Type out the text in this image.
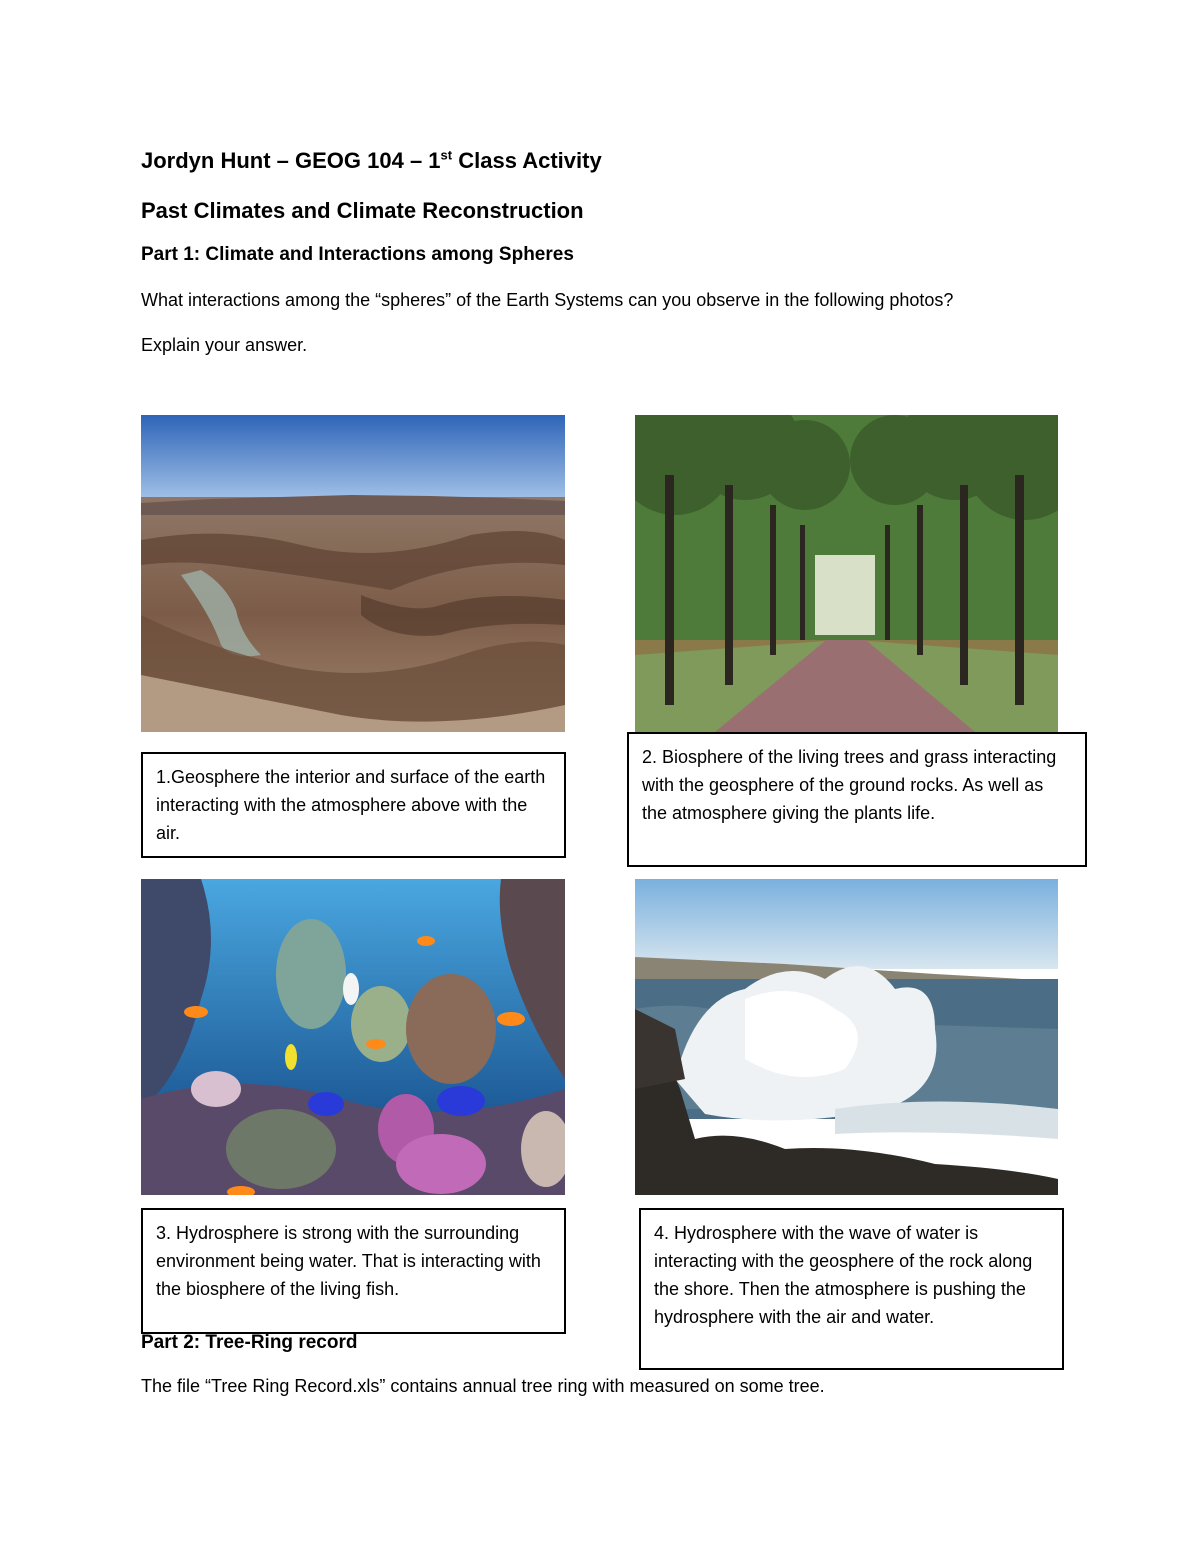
Jordyn Hunt – GEOG 104 – 1st Class Activity
Past Climates and Climate Reconstruction
Part 1: Climate and Interactions among Spheres
What interactions among the “spheres” of the Earth Systems can you observe in the following photos?
Explain your answer.
1.Geosphere the interior and surface of the earth interacting with the atmosphere above with the air.
2. Biosphere of the living trees and grass interacting with the geosphere of the ground rocks. As well as the atmosphere giving the plants life.
3. Hydrosphere is strong with the surrounding environment being water. That is interacting with the biosphere of the living fish.
4. Hydrosphere with the wave of water is interacting with the geosphere of the rock along the shore. Then the atmosphere is pushing the hydrosphere with the air and water.
Part 2: Tree-Ring record
The file “Tree Ring Record.xls” contains annual tree ring with measured on some tree.
